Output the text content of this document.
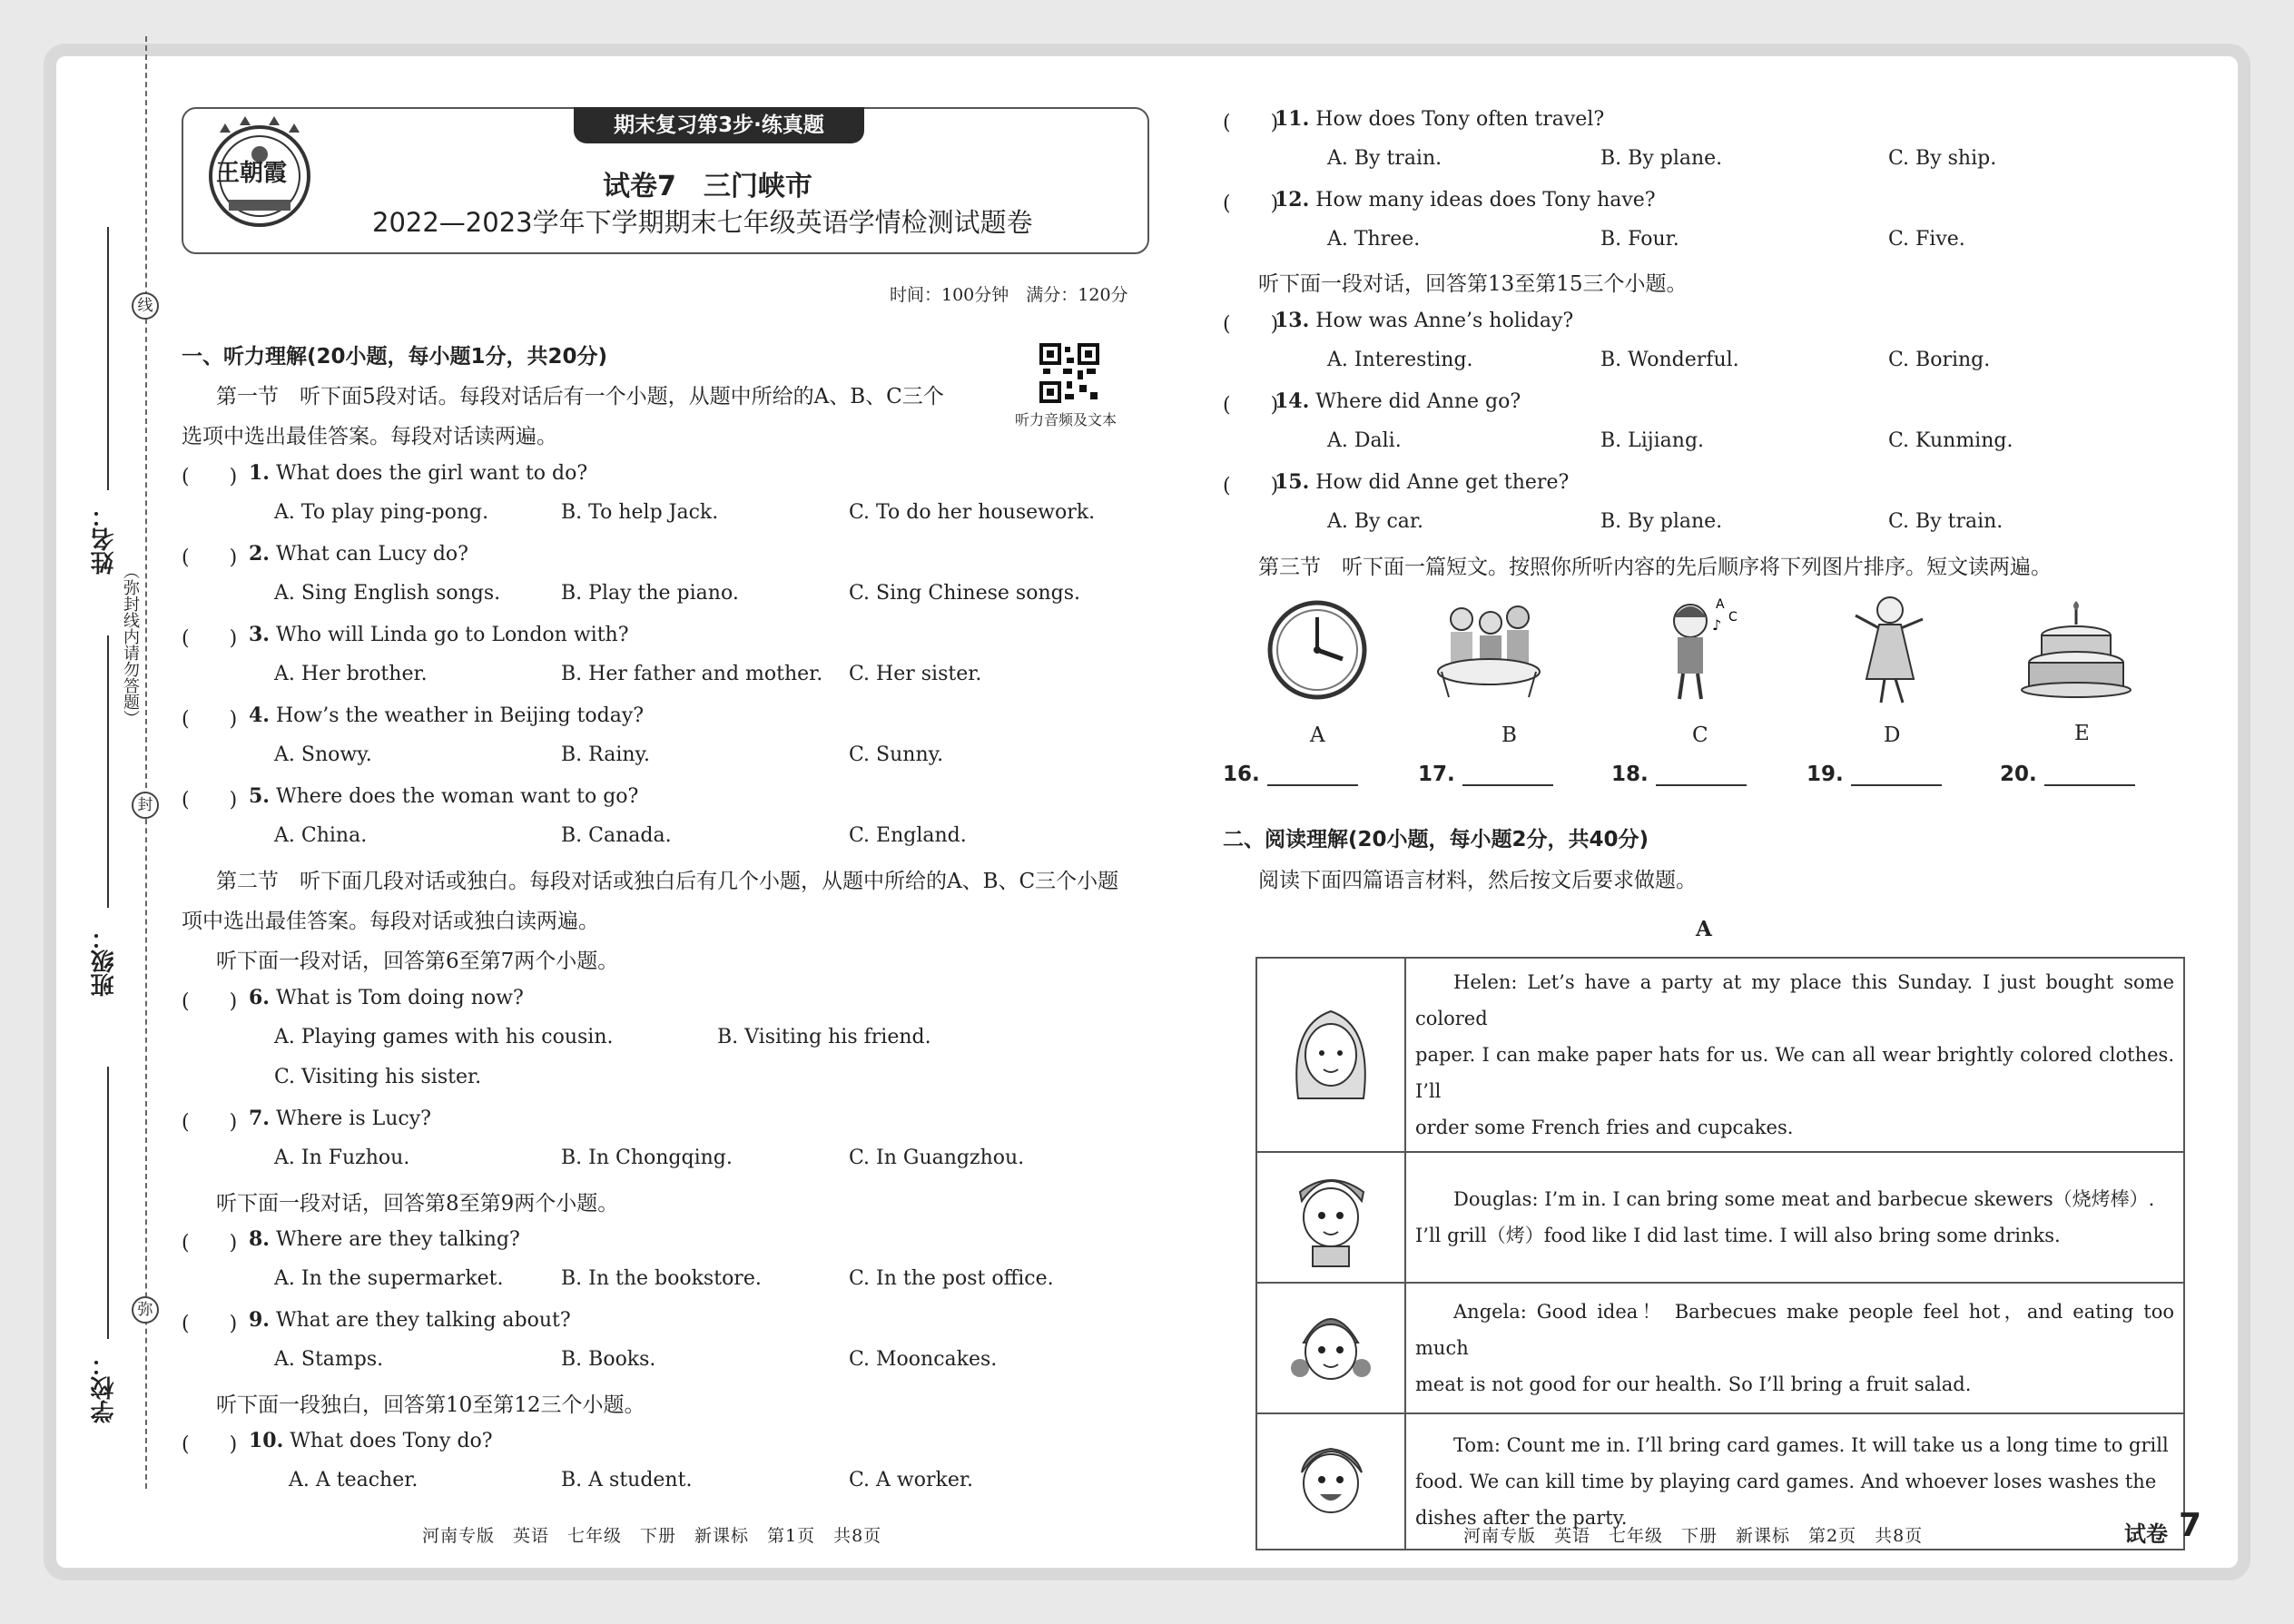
线
封
弥
（弥封线内请勿答题）
姓名：
班级：
学校：
期末复习第3步·练真题
王朝霞	试卷7　三门峡市
2022—2023学年下学期期末七年级英语学情检测试题卷
时间：100分钟　满分：120分
听力音频及文本
一、听力理解(20小题，每小题1分，共20分)
第一节　听下面5段对话。每段对话后有一个小题，从题中所给的A、B、C三个
选项中选出最佳答案。每段对话读两遍。
(　　) 1. What does the girl want to do?
A. To play ping-pong.	B. To help Jack.	C. To do her housework.
(　　) 2. What can Lucy do?
A. Sing English songs.	B. Play the piano.	C. Sing Chinese songs.
(　　) 3. Who will Linda go to London with?
A. Her brother.	B. Her father and mother. C. Her sister.
(　　) 4. How’s the weather in Beijing today?
A. Snowy.	B. Rainy.	C. Sunny.
(　　) 5. Where does the woman want to go?
A. China.	B. Canada.	C. England.
第二节　听下面几段对话或独白。每段对话或独白后有几个小题，从题中所给的A、B、C三个小题
项中选出最佳答案。每段对话或独白读两遍。
听下面一段对话，回答第6至第7两个小题。
(　　) 6. What is Tom doing now?
A. Playing games with his cousin.	B. Visiting his friend.
C. Visiting his sister.
(　　) 7. Where is Lucy?
A. In Fuzhou.	B. In Chongqing.	C. In Guangzhou.
听下面一段对话，回答第8至第9两个小题。
(　　) 8. Where are they talking?
A. In the supermarket.	B. In the bookstore.	C. In the post office.
(　　) 9. What are they talking about?
A. Stamps.	B. Books.	C. Mooncakes.
听下面一段独白，回答第10至第12三个小题。
(　　) 10. What does Tony do?
A. A teacher.	B. A student.	C. A worker.
河南专版　英语　七年级　下册　新课标　第1页　共8页
(　　)
11. How does Tony often travel?
A. By train.	B. By plane.	C. By ship.
(　　)
12. How many ideas does Tony have?
A. Three.	B. Four.	C. Five.
听下面一段对话，回答第13至第15三个小题。
(　　)
13. How was Anne’s holiday?
A. Interesting.	B. Wonderful.	C. Boring.
(　　)
14. Where did Anne go?
A. Dali.	B. Lijiang.	C. Kunming.
(　　)
15. How did Anne get there?
A. By car.	B. By plane.	C. By train.
第三节　听下面一篇短文。按照你所听内容的先后顺序将下列图片排序。短文读两遍。
A
C
♪
A	B	C	D	E
16.	17.	18.	19.	20.
二、阅读理解(20小题，每小题2分，共40分)
阅读下面四篇语言材料，然后按文后要求做题。
A

Helen: Let’s have a party at my place this Sunday. I just bought some colored
paper. I can make paper hats for us. We can all wear brightly colored clothes. I’ll
order some French fries and cupcakes.

Douglas: I’m in. I can bring some meat and barbecue skewers（烧烤棒）.
I’ll grill（烤）food like I did last time. I will also bring some drinks.

Angela: Good idea！ Barbecues make people feel hot，and eating too much
meat is not good for our health. So I’ll bring a fruit salad.

Tom: Count me in. I’ll bring card games. It will take us a long time to grill
food. We can kill time by playing card games. And whoever loses washes the
dishes after the party.
河南专版　英语　七年级　下册　新课标　第2页　共8页	试卷 7
